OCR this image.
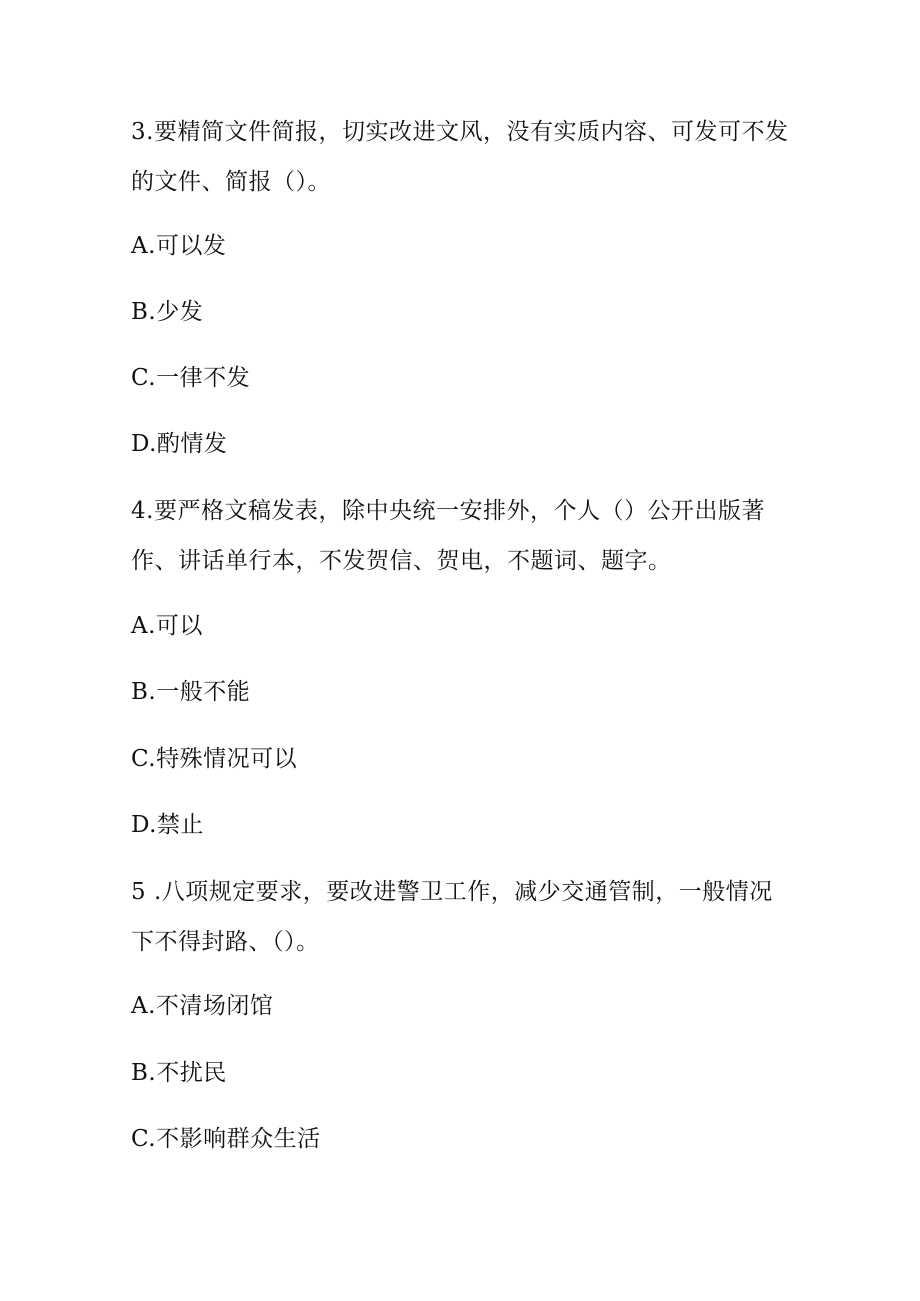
3.要精简文件简报，切实改进文风，没有实质内容、可发可不发
的文件、简报（）。
A.可以发
B.少发
C.一律不发
D.酌情发
4.要严格文稿发表，除中央统一安排外，个人（）公开出版著
作、讲话单行本，不发贺信、贺电，不题词、题字。
A.可以
B.一般不能
C.特殊情况可以
D.禁止
5 .八项规定要求，要改进警卫工作，减少交通管制，一般情况
下不得封路、（）。
A.不清场闭馆
B.不扰民
C.不影响群众生活
